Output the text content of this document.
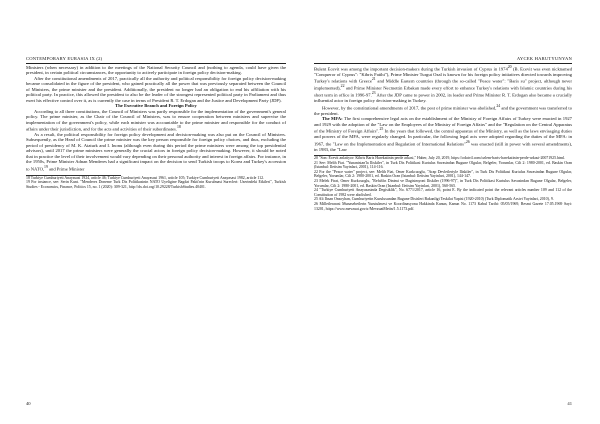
CONTEMPORARY EURASIA IX (2)

Ministers (when necessary) in addition to the meetings of the National Security Council and (nothing to agenda, could have given the president, in certain political circumstances, the opportunity to actively participate in foreign policy decision-making.

After the constitutional amendments of 2017, practically all the authority and political responsibility for foreign policy decision-making became consolidated in the figure of the president, who gained practically all the power that was previously separated between the Council of Ministers, the prime minister and the president. Additionally, the president no longer had an obligation to end his affiliation with his political party. In practice, this allowed the president to also be the leader of the strongest represented political party in Parliament and thus exert his effective control over it, as is currently the case in terms of President R. T. Erdogan and the Justice and Development Party (JDP).

The Executive Branch and Foreign Policy

According to all three constitutions, the Council of Ministers was partly responsible for the implementation of the government's general policy. The prime minister, as the Chair of the Council of Ministers, was to ensure cooperation between ministers and supervise the implementation of the government's policy, while each minister was accountable to the prime minister and responsible for the conduct of affairs under their jurisdiction, and for the acts and activities of their subordinates.$^{18}$

As a result, the political responsibility for foreign policy development and decision-making was also put on the Council of Ministers. Subsequently, as the Head of Council the prime minister was the key person responsible for foreign policy choices, and thus, excluding the period of presidency of M. K. Ataturk and I. Inonu (although even during this period the prime ministers were among the top presidential advisors), until 2017 the prime ministers were generally the crucial actors in foreign policy decision-making. However, it should be noted that in practice the level of their involvement would vary depending on their personal authority and interest in foreign affairs. For instance, in the 1950s, Prime Minister Adnan Menderes had a significant impact on the decision to send Turkish troops to Korea and Turkey's accession to NATO,$^{19}$ and Prime Minister

18 Turkiye Cumhuriyeti Anayasasi 1924, article 46; Turkiye Cumhuriyeti Anayasasi 1961, article 105; Turkiye Cumhuriyeti Anayasasi 1982, article 112.

19 For instance, see: Serin Kunt. "Menderes Doneme Turk Dis Politikasinin NATO Uyeligine Bagdat Pakti'nin Kurulmasi Surecleri: Uzerindeki Etkileri", Turkish Studies - Economics, Finance, Politics 15, no. 1 (2020): 309-321, http://dx.doi.org/10.29228/TurkishStudies.40401.

40
AYCEK HARUTYUNYAN

Bulent Ecevit was among the important decision-makers during the Turkish invasion of Cyprus in 1974$^{20}$ (B. Ecevit was even nicknamed "Conqueror of Cyprus": "Kibris Fatihi"), Prime Minister Turgut Ozal is known for his foreign policy initiatives directed towards improving Turkey's relations with Greece$^{21}$ and Middle Eastern countries (through the so-called "Peace water": "Baris su" project, although never implemented),$^{22}$ and Prime Minister Necmettin Erbakan made every effort to enhance Turkey's relations with Islamic countries during his short term in office in 1996-97.23 After the JDP came to power in 2002, its leader and Prime Minister R. T. Erdogan also became a crucially influential actor in foreign policy decision-making in Turkey.

However, by the constitutional amendments of 2017, the post of prime minister was abolished,$^{24}$ and the government was transferred to the president.

The MFA: The first comprehensive legal acts on the establishment of the Ministry of Foreign Affairs of Turkey were enacted in 1927 and 1929 with the adoption of the "Law on the Employees of the Ministry of Foreign Affairs" and the "Regulation on the Central Apparatus of the Ministry of Foreign Affairs".$^{25}$ In the years that followed, the central apparatus of the Ministry, as well as the laws envisaging duties and powers of the MFA, were regularly changed. In particular, the following legal acts were adopted regarding the duties of the MFA: in 1967, the "Law on the Implementation and Regulation of International Relations"$^{26}$ was enacted (still in power with several amendments), in 1983, the "Law

20 "Son: Ecevit anlatiyor: Kibris Baris Harekatinin perde arkasi," Haber, July 20, 2019, https://odatv4.com/ozlem-baris-harekatinin-perde-arkasi-20071925.html.

21 See: Melih Fiat. "Yunanistan'la Iliskiler", in Turk Dis Politikasi Kurtulus Savasindan Bugune Olgular, Belgeler, Yorumlar, Cilt 2: 1980-2001, ed. Baskin Oran (Istanbul: Iletisim Yayinlari, 2001), 114-116.

22 For the "Peace water" project, see: Melih Fiat, Omer Kurkcuoglu, "Arap Devletleriyle Iliskiler", in Turk Dis Politikasi Kurtulus Savasindan Bugune Olgular, Belgeler, Yorumlar, Cilt 2: 1980-2001, ed. Baskin Oran (Istanbul: Iletisim Yayinlari, 2001), 144-147.

23 Melek Firat, Omer Kurkcuoglu, "Refah'in Dinimi ve Dagisimyoni Iliskiler (1996-97)", in Turk Dis Politikasi Kurtulus Savasindan Bugune Olgular, Belgeler, Yorumlar, Cilt 2: 1980-2001, ed. Baskin Oran (Istanbul: Iletisim Yayinlari, 2001), 560-565.

24 "Turkiye Cumhuriyeti Anayasasinda Degisiklik", No. 6771/2017, article 16, point E. By the indicated point the relevant articles number 109 and 112 of the Constitution of 1982 were abolished.

25 Ali Ihsan Onsoyhan, Cumhuriyetin Kurulusundan Bugune Disisleri Bakanligi Teskilat Yapisi (1920-2010) (Turk Diplomatik Arsivi Yayinlari, 2010), 9.

26 Milletlerarasi Munasebetlerin Yurutulmesi ve Koordinasyonu Hakkinda Kanun, Kanun No. 1173 Kabul Tarihi: 05/05/1969, Resmi Gazete 17.05.1969 Sayi: 13201, https://www.mevzuat.gov.tr/MevzuatMetin/1.5.1173.pdf.

41
